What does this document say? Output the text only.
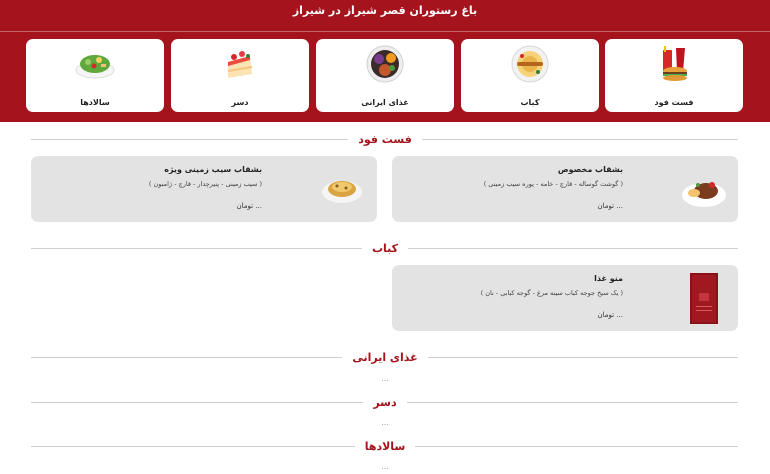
باغ رستوران قصر شیراز در شیراز
فست فود
کباب
غذای ایرانی
دسر
سالادها
فست فود
بشقاب مخصوص
( گوشت گوساله - قارچ - خامه - پوره سیب زمینی )
... تومان
بشقاب سیب زمینی ویژه
( سیب زمینی - پنیرچدار - قارچ - ژامبون )
... تومان
کباب
منو غذا
( یک سیخ جوجه کباب سینه مرغ - گوجه کبابی - نان )
... تومان
غذای ایرانی
...
دسر
...
سالادها
...
